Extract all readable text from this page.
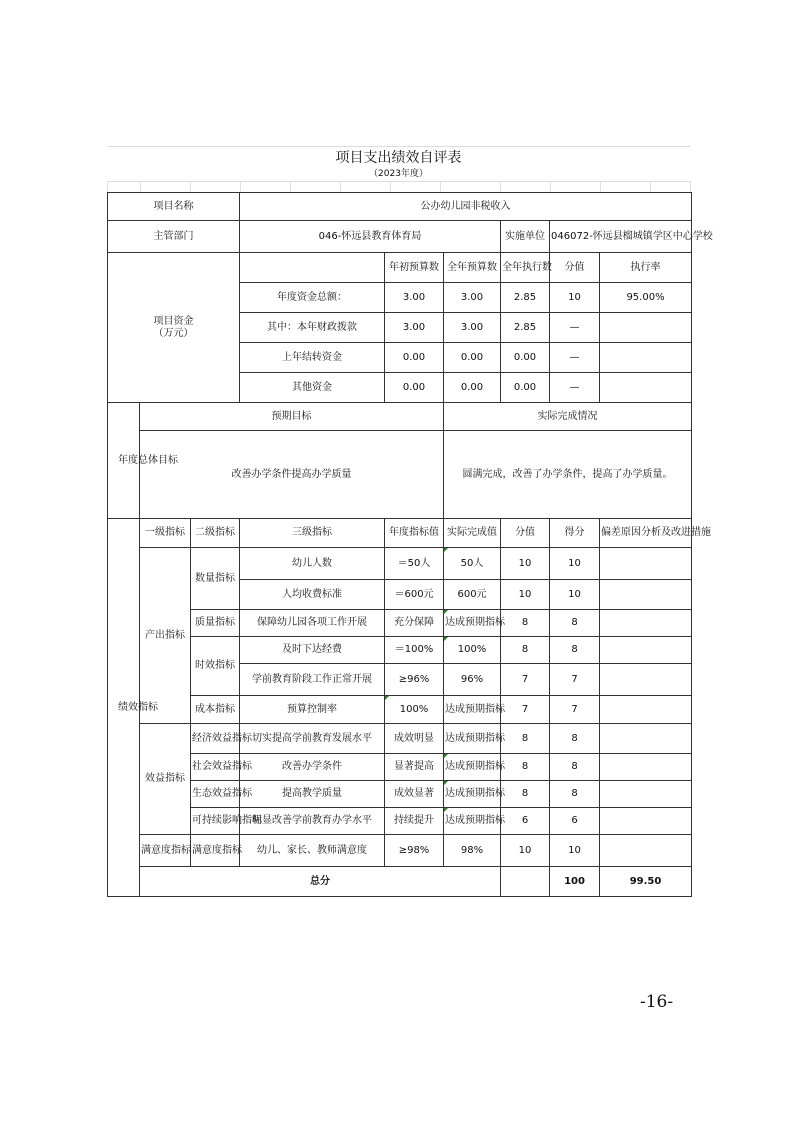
项目支出绩效自评表
（2023年度）
项目名称			公办幼儿园非税收入						
主管部门			046-怀远县教育体育局			实施单位	046072-怀远县榴城镇学区中心学校		

项目资金
（万元）				年初预算数	全年预算数	全年执行数	分值	执行率	
			年度资金总额：	3.00	3.00	2.85	10	95.00%	
			其中：本年财政拨款	3.00	3.00	2.85	—		
			上年结转资金	0.00	0.00	0.00	—		
			其他资金	0.00	0.00	0.00	—		
年度总体目标	预期目标				实际完成情况				
	改善办学条件提高办学质量				圆满完成，改善了办学条件，提高了办学质量。				
绩效指标	一级指标	二级指标	三级指标	年度指标值	实际完成值	分值	得分	偏差原因分析及改进措施	
	产出指标	数量指标	幼儿人数	＝50人	50人	10	10		
			人均收费标准	＝600元	600元	10	10		
		质量指标	保障幼儿园各项工作开展	充分保障	达成预期指标	8	8		
		时效指标	及时下达经费	＝100%	100%	8	8		
			学前教育阶段工作正常开展	≥96%	96%	7	7		
		成本指标	预算控制率	100%	达成预期指标	7	7		
	效益指标	经济效益指标	切实提高学前教育发展水平	成效明显	达成预期指标	8	8		
		社会效益指标	改善办学条件	显著提高	达成预期指标	8	8		
		生态效益指标	提高教学质量	成效显著	达成预期指标	8	8		
		可持续影响指标	明显改善学前教育办学水平	持续提升	达成预期指标	6	6		
	满意度指标	满意度指标	幼儿、家长、教师满意度	≥98%	98%	10	10		
	总分						100	99.50	
-16-
